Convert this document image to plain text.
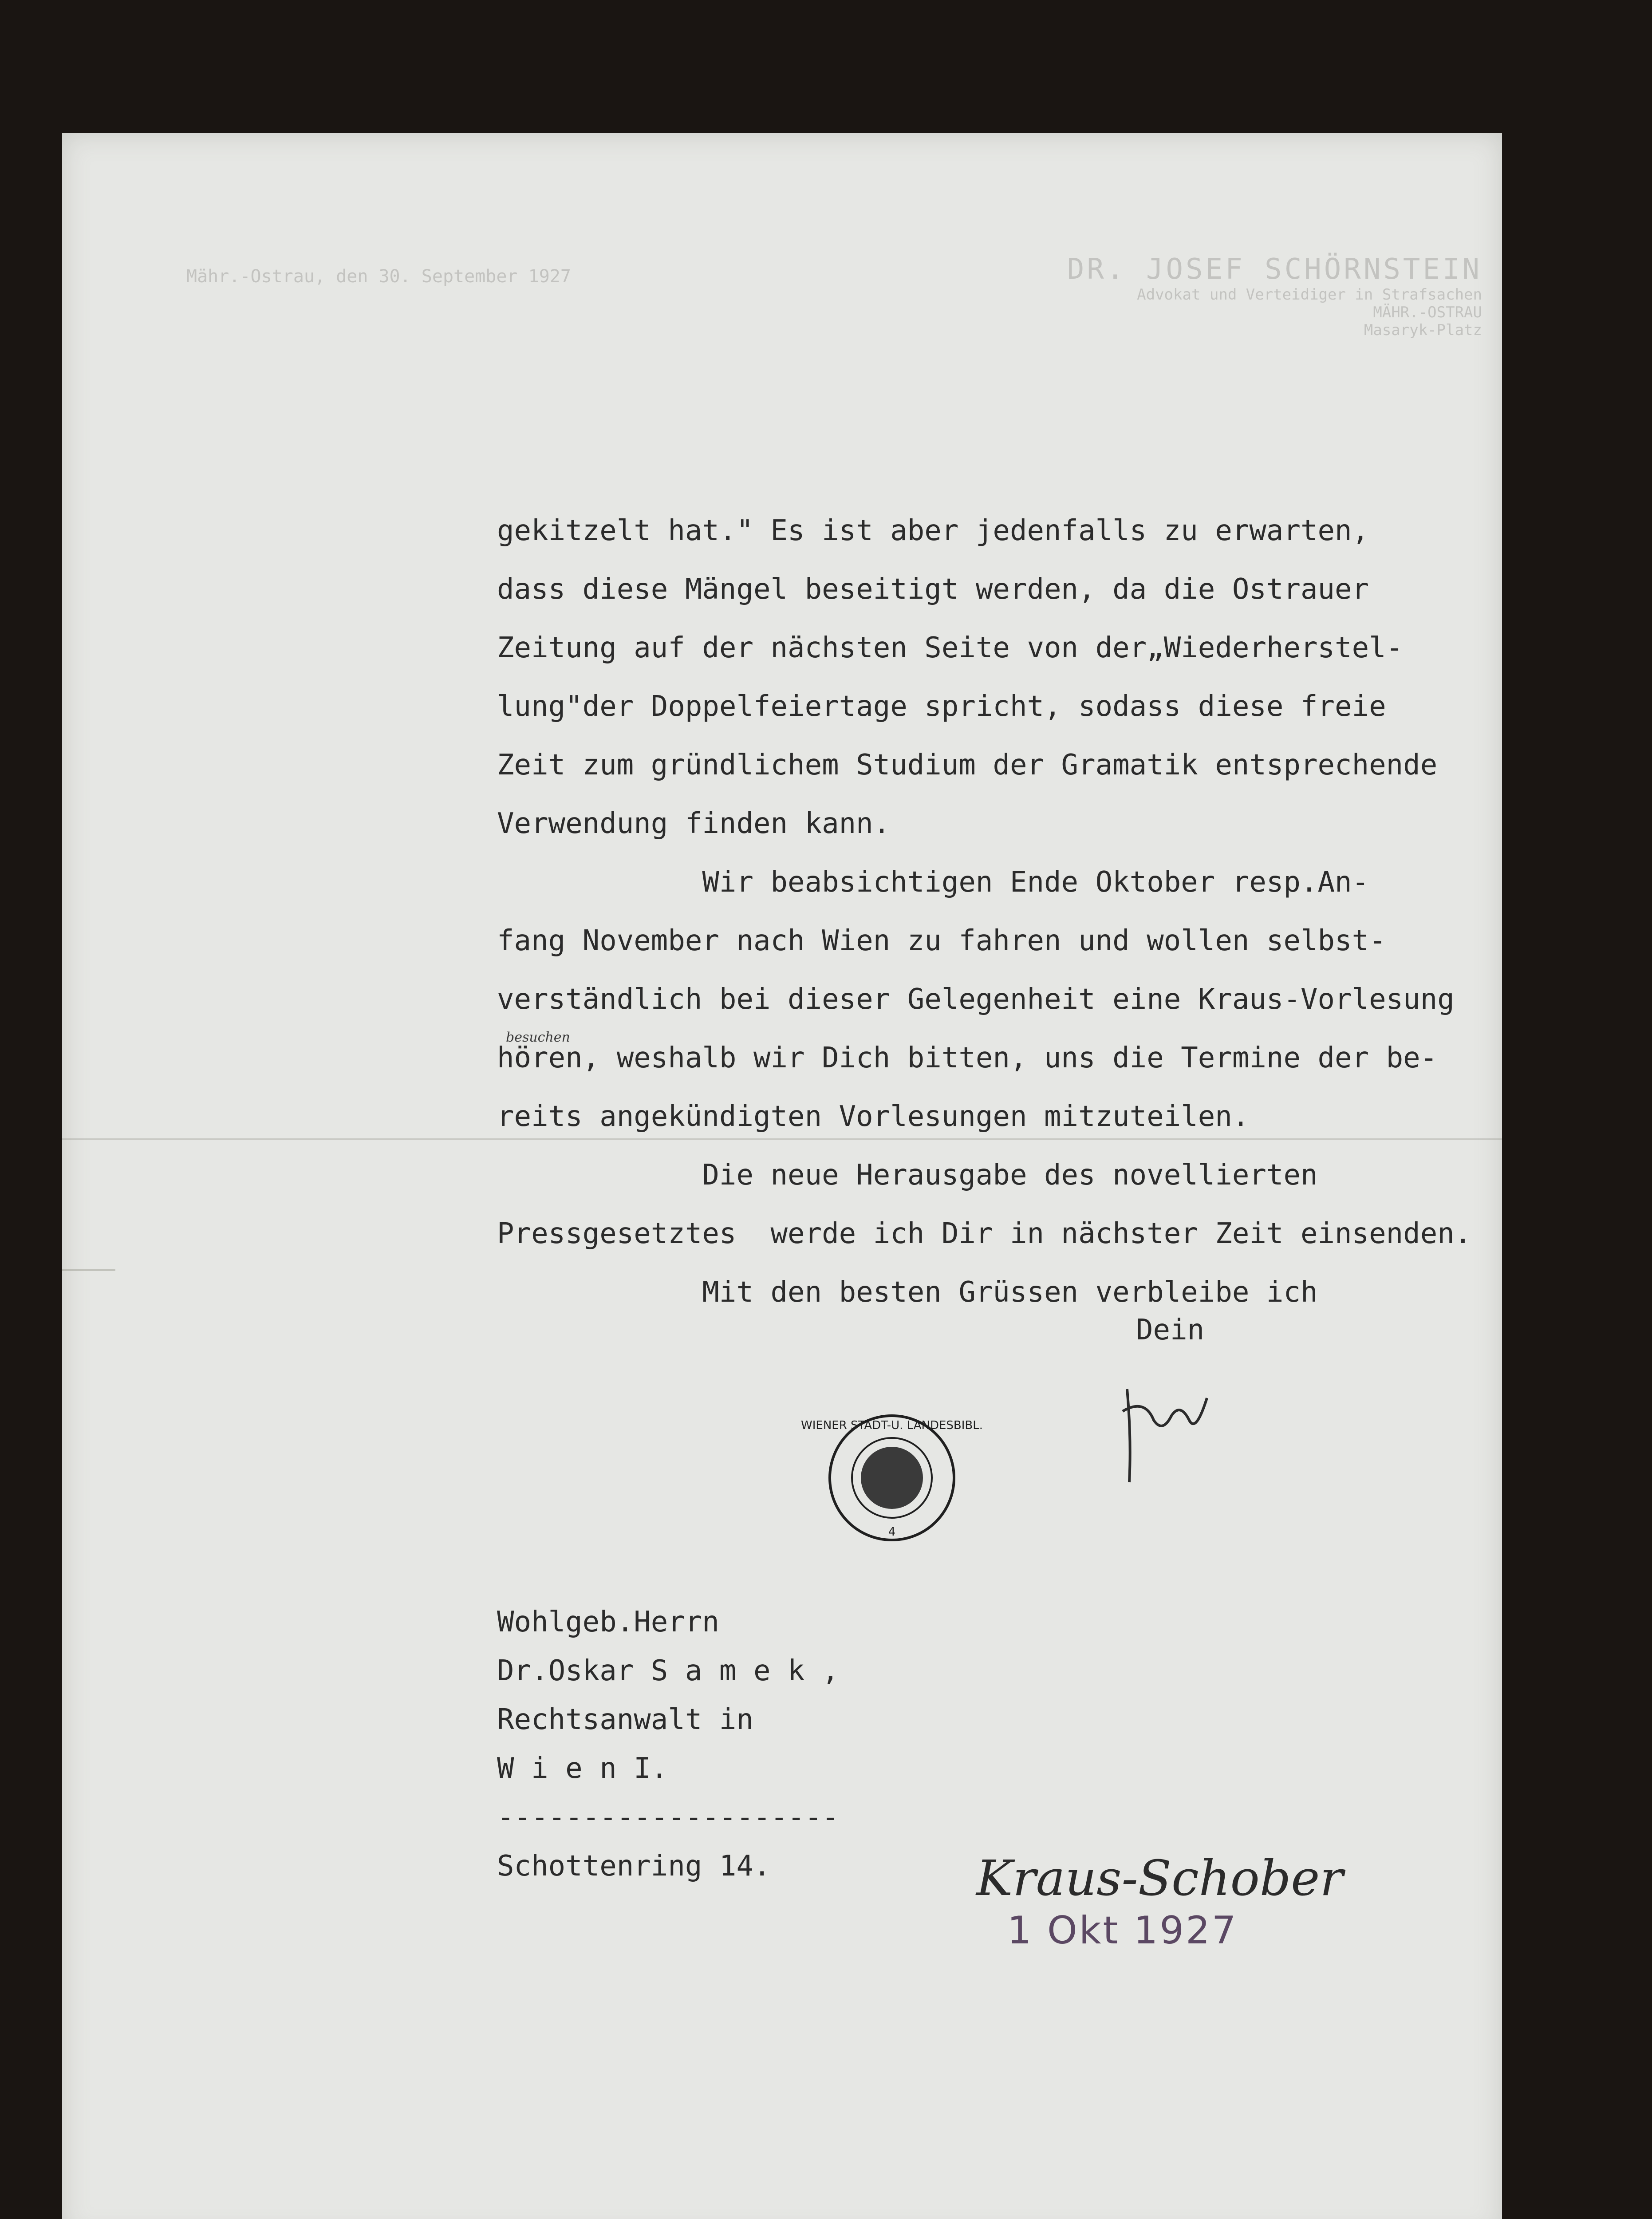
DR. JOSEF SCHÖRNSTEIN
Advokat und Verteidiger in Strafsachen
MÄHR.-OSTRAU
Masaryk-Platz
Mähr.-Ostrau, den 30. September 1927
gekitzelt hat." Es ist aber jedenfalls zu erwarten,
dass diese Mängel beseitigt werden, da die Ostrauer
Zeitung auf der nächsten Seite von der„Wiederherstel-
lung"der Doppelfeiertage spricht, sodass diese freie
Zeit zum gründlichem Studium der Gramatik entsprechende
Verwendung finden kann.
Wir beabsichtigen Ende Oktober resp.An-
fang November nach Wien zu fahren und wollen selbst-
verständlich bei dieser Gelegenheit eine Kraus-Vorlesung
hören, weshalb wir Dich bitten, uns die Termine der be-
reits angekündigten Vorlesungen mitzuteilen.
Die neue Herausgabe des novellierten
Pressgesetztes  werde ich Dir in nächster Zeit einsenden.
Mit den besten Grüssen verbleibe ich
besuchen
Dein
WIENER STADT-U. LANDESBIBL.
4
Wohlgeb.Herrn
Dr.Oskar S a m e k ,
Rechtsanwalt in
W i e n I.
--------------------
Schottenring 14.	Kraus-Schober
1 Okt 1927
